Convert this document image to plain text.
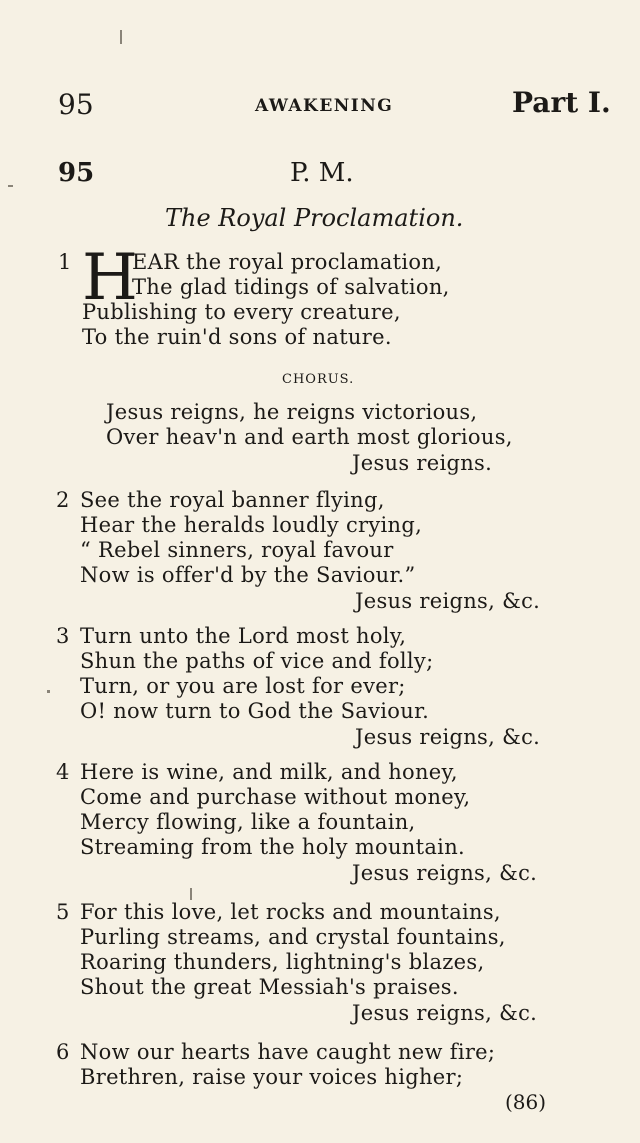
95	AWAKENING	Part I.
95	P. M.
The Royal Proclamation.
1 H
EAR the royal proclamation,
The glad tidings of salvation,
Publishing to every creature,
To the ruin'd sons of nature.
CHORUS.
Jesus reigns, he reigns victorious,
Over heav'n and earth most glorious,
Jesus reigns.
2 See the royal banner flying,
Hear the heralds loudly crying,
“ Rebel sinners, royal favour
Now is offer'd by the Saviour.”
Jesus reigns, &c.
3 Turn unto the Lord most holy,
Shun the paths of vice and folly;
Turn, or you are lost for ever;
O! now turn to God the Saviour.
Jesus reigns, &c.
4 Here is wine, and milk, and honey,
Come and purchase without money,
Mercy flowing, like a fountain,
Streaming from the holy mountain.
Jesus reigns, &c.
5 For this love, let rocks and mountains,
Purling streams, and crystal fountains,
Roaring thunders, lightning's blazes,
Shout the great Messiah's praises.
Jesus reigns, &c.
6 Now our hearts have caught new fire;
Brethren, raise your voices higher;
(86)
